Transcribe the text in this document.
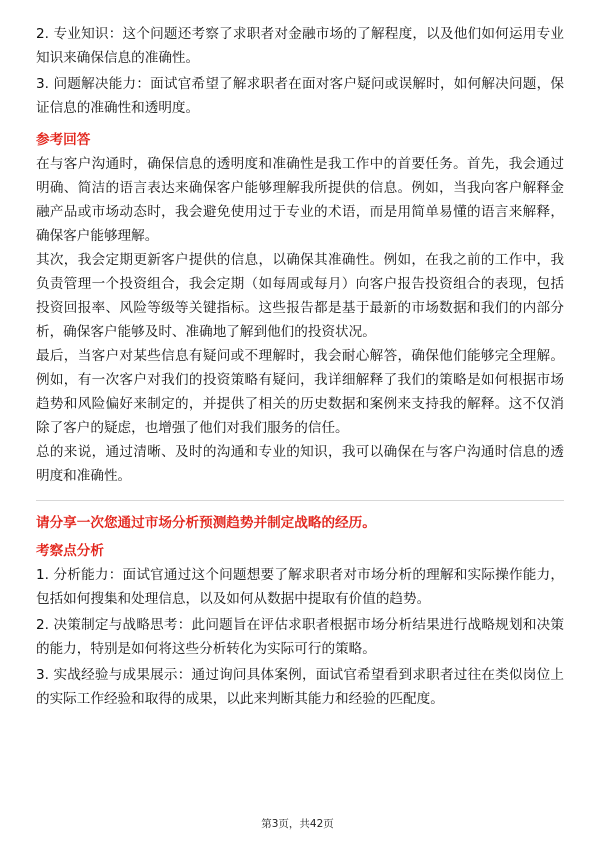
2. 专业知识：这个问题还考察了求职者对金融市场的了解程度，以及他们如何运用专业知识来确保信息的准确性。

3. 问题解决能力：面试官希望了解求职者在面对客户疑问或误解时，如何解决问题，保证信息的准确性和透明度。

参考回答

在与客户沟通时，确保信息的透明度和准确性是我工作中的首要任务。首先，我会通过明确、简洁的语言表达来确保客户能够理解我所提供的信息。例如，当我向客户解释金融产品或市场动态时，我会避免使用过于专业的术语，而是用简单易懂的语言来解释，确保客户能够理解。

其次，我会定期更新客户提供的信息，以确保其准确性。例如，在我之前的工作中，我负责管理一个投资组合，我会定期（如每周或每月）向客户报告投资组合的表现，包括投资回报率、风险等级等关键指标。这些报告都是基于最新的市场数据和我们的内部分析，确保客户能够及时、准确地了解到他们的投资状况。

最后，当客户对某些信息有疑问或不理解时，我会耐心解答，确保他们能够完全理解。例如，有一次客户对我们的投资策略有疑问，我详细解释了我们的策略是如何根据市场趋势和风险偏好来制定的，并提供了相关的历史数据和案例来支持我的解释。这不仅消除了客户的疑虑，也增强了他们对我们服务的信任。

总的来说，通过清晰、及时的沟通和专业的知识，我可以确保在与客户沟通时信息的透明度和准确性。

请分享一次您通过市场分析预测趋势并制定战略的经历。

考察点分析

1. 分析能力：面试官通过这个问题想要了解求职者对市场分析的理解和实际操作能力，包括如何搜集和处理信息，以及如何从数据中提取有价值的趋势。

2. 决策制定与战略思考：此问题旨在评估求职者根据市场分析结果进行战略规划和决策的能力，特别是如何将这些分析转化为实际可行的策略。

3. 实战经验与成果展示：通过询问具体案例，面试官希望看到求职者过往在类似岗位上的实际工作经验和取得的成果，以此来判断其能力和经验的匹配度。

第3页，共42页
